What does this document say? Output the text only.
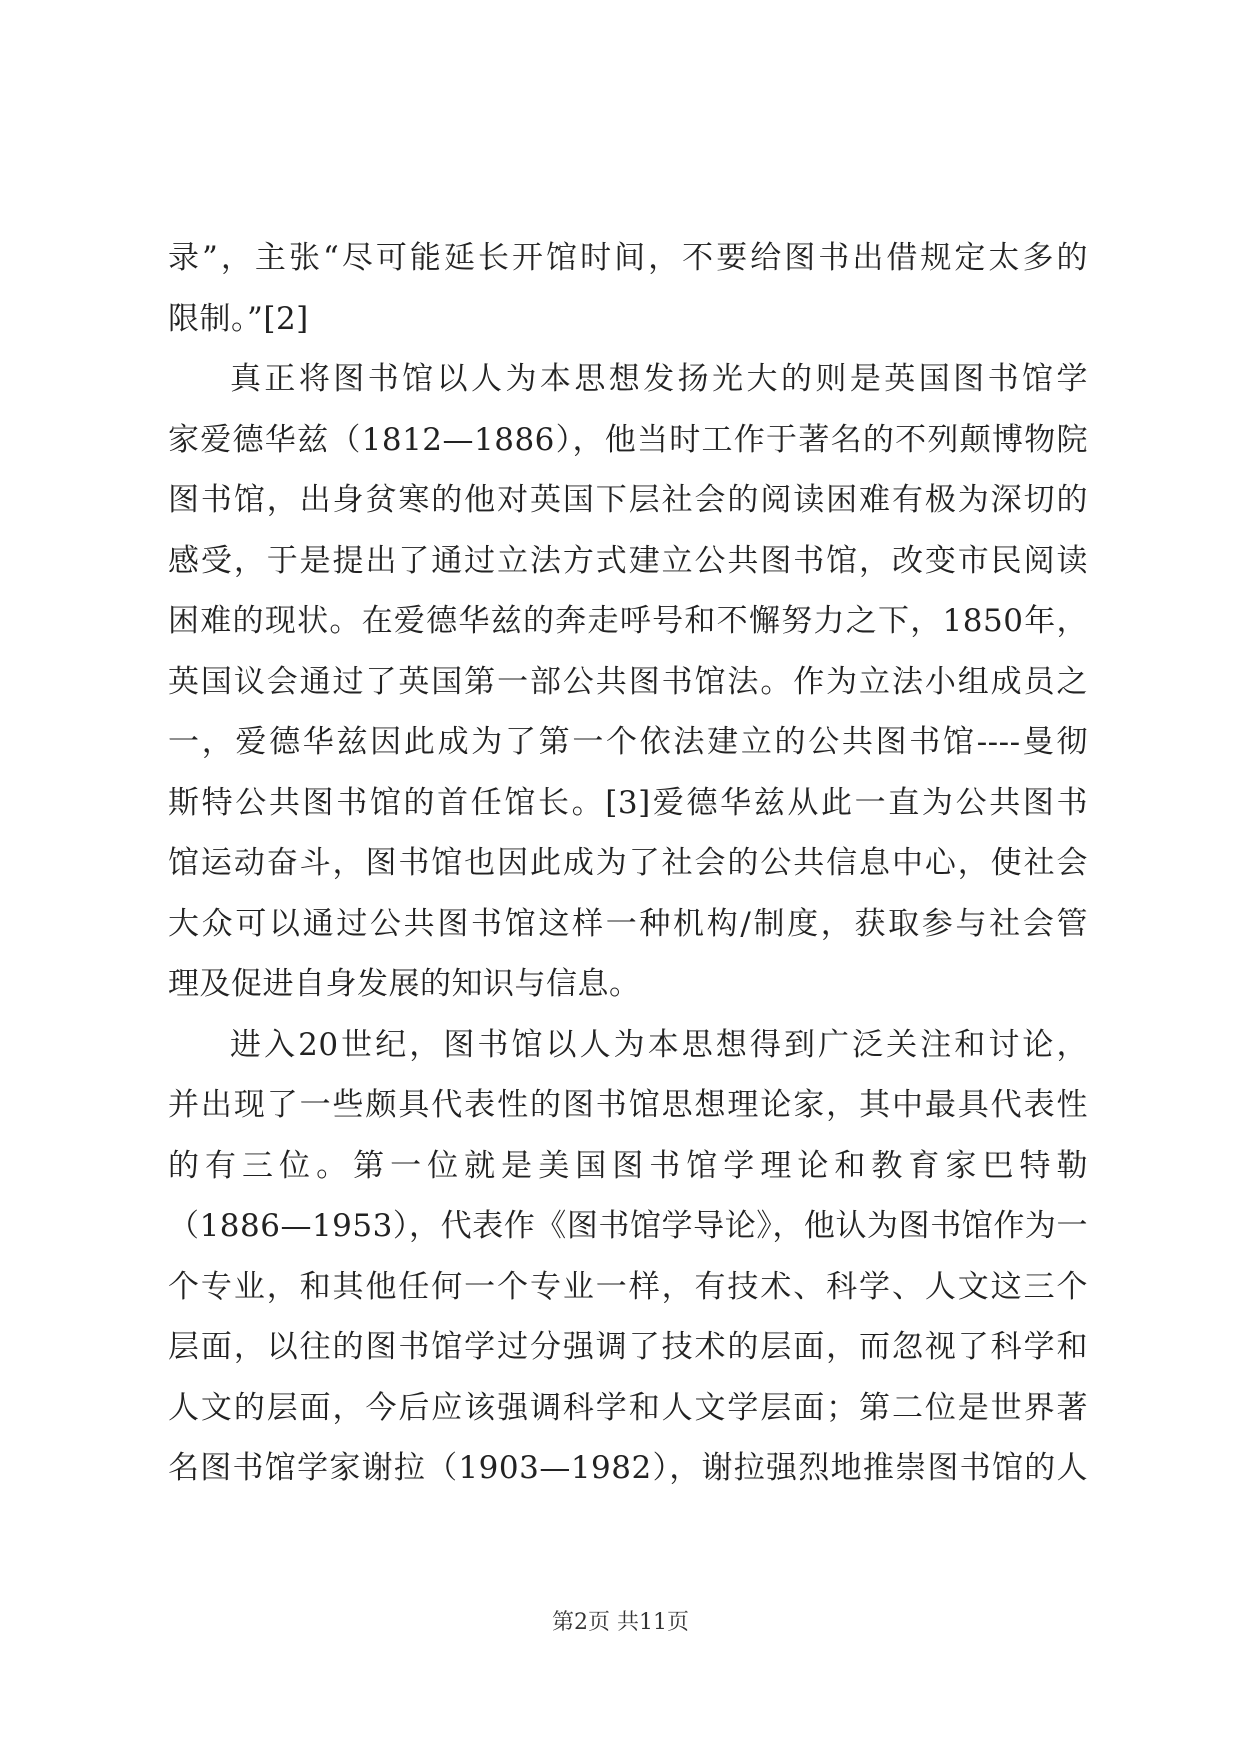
录”，主张“尽可能延长开馆时间，不要给图书出借规定太多的
限制。”[2]
真正将图书馆以人为本思想发扬光大的则是英国图书馆学
家爱德华兹（1812—1886），他当时工作于著名的不列颠博物院
图书馆，出身贫寒的他对英国下层社会的阅读困难有极为深切的
感受，于是提出了通过立法方式建立公共图书馆，改变市民阅读
困难的现状。在爱德华兹的奔走呼号和不懈努力之下，1850年，
英国议会通过了英国第一部公共图书馆法。作为立法小组成员之
一，爱德华兹因此成为了第一个依法建立的公共图书馆----曼彻
斯特公共图书馆的首任馆长。[3]爱德华兹从此一直为公共图书
馆运动奋斗，图书馆也因此成为了社会的公共信息中心，使社会
大众可以通过公共图书馆这样一种机构/制度，获取参与社会管
理及促进自身发展的知识与信息。
进入20世纪，图书馆以人为本思想得到广泛关注和讨论，
并出现了一些颇具代表性的图书馆思想理论家，其中最具代表性
的有三位。第一位就是美国图书馆学理论和教育家巴特勒
（1886—1953），代表作《图书馆学导论》，他认为图书馆作为一
个专业，和其他任何一个专业一样，有技术、科学、人文这三个
层面，以往的图书馆学过分强调了技术的层面，而忽视了科学和
人文的层面，今后应该强调科学和人文学层面；第二位是世界著
名图书馆学家谢拉（1903—1982），谢拉强烈地推崇图书馆的人
第2页 共11页
